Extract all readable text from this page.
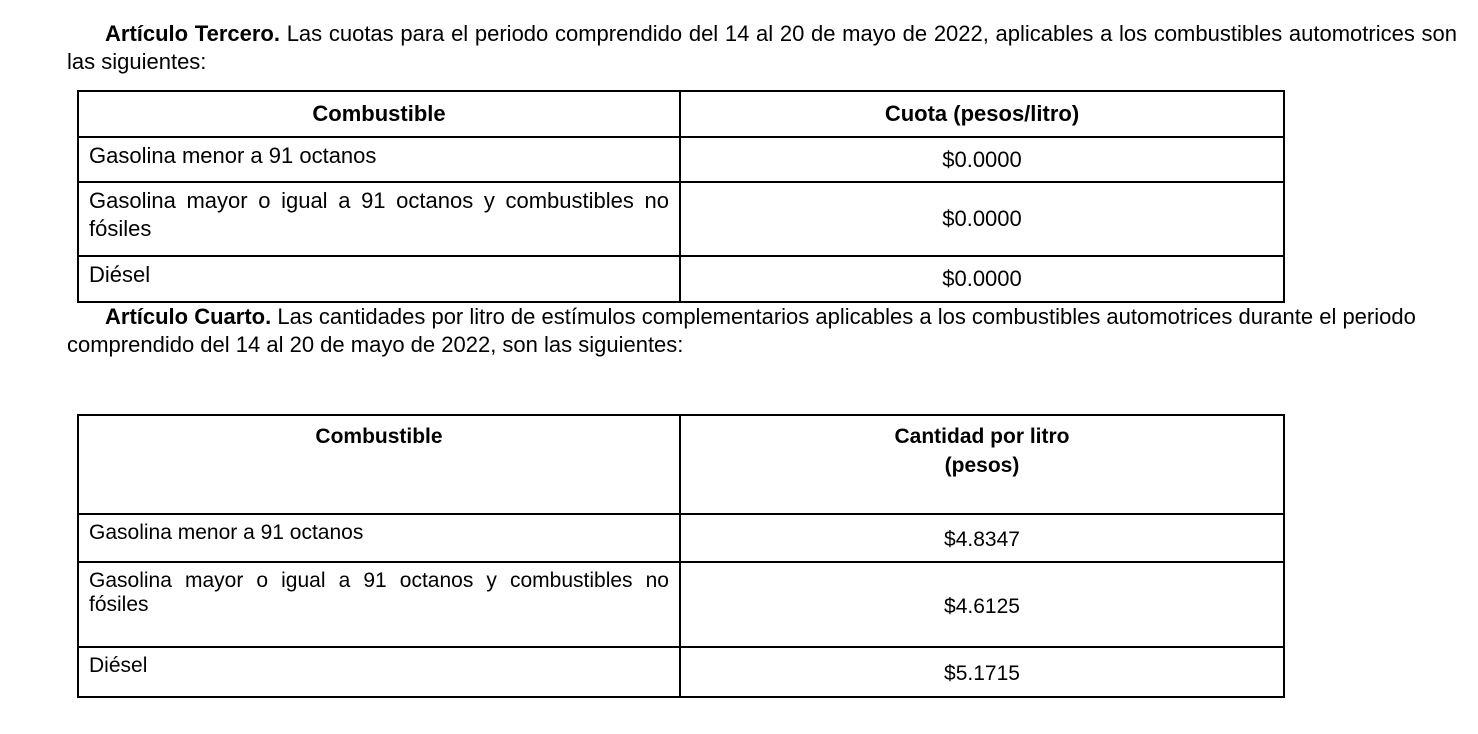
Artículo Tercero. Las cuotas para el periodo comprendido del 14 al 20 de mayo de 2022, aplicables a los combustibles automotrices son las siguientes:

Combustible	Cuota (pesos/litro)
Gasolina menor a 91 octanos	$0.0000
Gasolina mayor o igual a 91 octanos y combustibles no fósiles	$0.0000
Diésel	$0.0000

Artículo Cuarto. Las cantidades por litro de estímulos complementarios aplicables a los combustibles automotrices durante el periodo comprendido del 14 al 20 de mayo de 2022, son las siguientes:

Combustible	Cantidad por litro
(pesos)

Gasolina menor a 91 octanos	$4.8347
Gasolina mayor o igual a 91 octanos y combustibles no fósiles	$4.6125
Diésel	$5.1715
